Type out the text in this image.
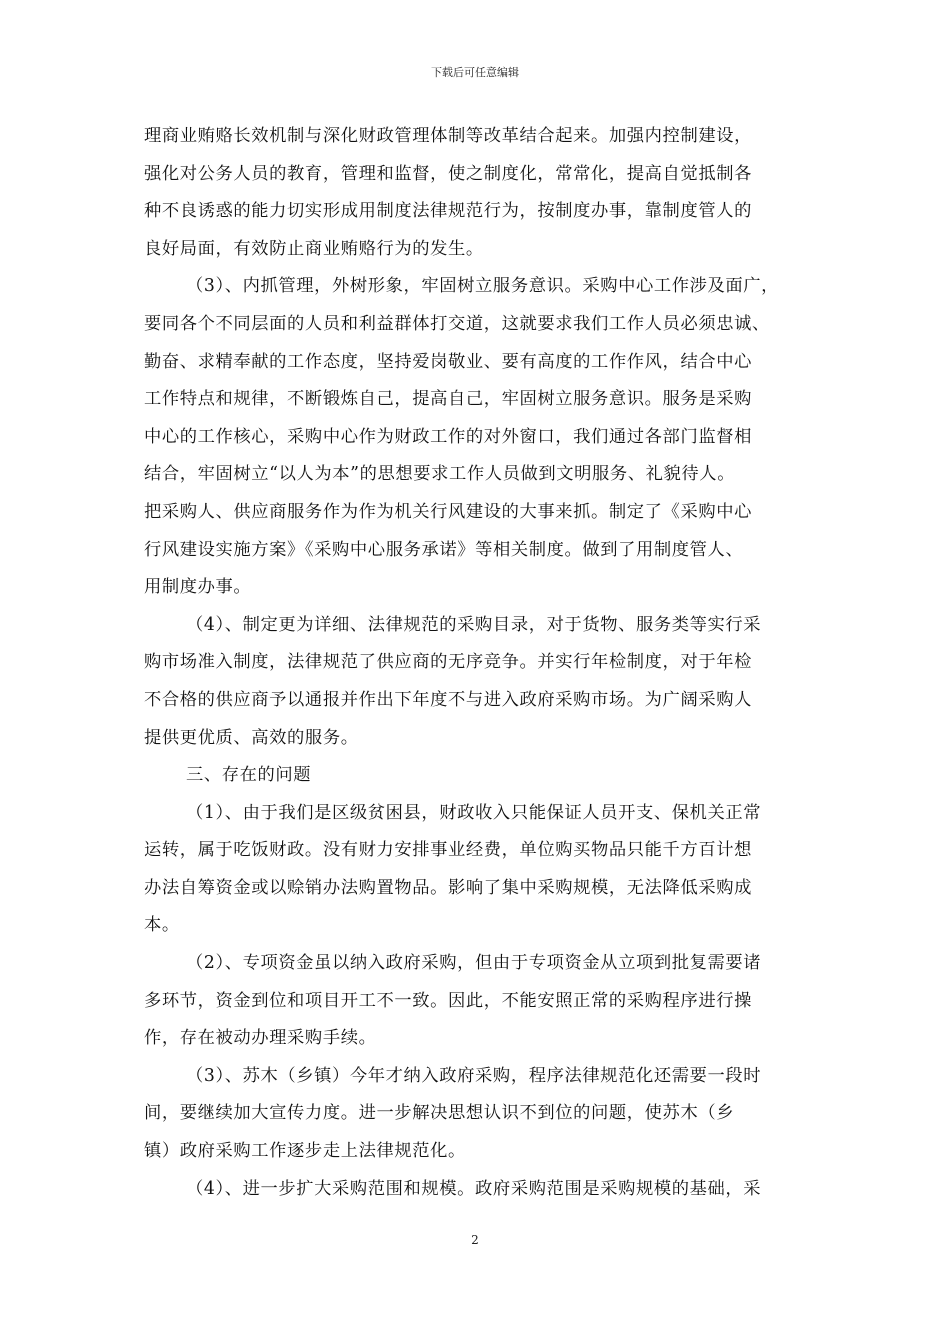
下载后可任意编辑
理商业贿赂长效机制与深化财政管理体制等改革结合起来。加强内控制建设，
强化对公务人员的教育，管理和监督，使之制度化，常常化，提高自觉抵制各
种不良诱惑的能力切实形成用制度法律规范行为，按制度办事，靠制度管人的
良好局面，有效防止商业贿赂行为的发生。
（3）、内抓管理，外树形象，牢固树立服务意识。采购中心工作涉及面广，
要同各个不同层面的人员和利益群体打交道，这就要求我们工作人员必须忠诚、
勤奋、求精奉献的工作态度，坚持爱岗敬业、要有高度的工作作风，结合中心
工作特点和规律，不断锻炼自己，提高自己，牢固树立服务意识。服务是采购
中心的工作核心，采购中心作为财政工作的对外窗口，我们通过各部门监督相
结合，牢固树立“以人为本”的思想要求工作人员做到文明服务、礼貌待人。
把采购人、供应商服务作为作为机关行风建设的大事来抓。制定了《采购中心
行风建设实施方案》《采购中心服务承诺》等相关制度。做到了用制度管人、
用制度办事。
（4）、制定更为详细、法律规范的采购目录，对于货物、服务类等实行采
购市场准入制度，法律规范了供应商的无序竞争。并实行年检制度，对于年检
不合格的供应商予以通报并作出下年度不与进入政府采购市场。为广阔采购人
提供更优质、高效的服务。
三、存在的问题
（1）、由于我们是区级贫困县，财政收入只能保证人员开支、保机关正常
运转，属于吃饭财政。没有财力安排事业经费，单位购买物品只能千方百计想
办法自筹资金或以赊销办法购置物品。影响了集中采购规模，无法降低采购成
本。
（2）、专项资金虽以纳入政府采购，但由于专项资金从立项到批复需要诸
多环节，资金到位和项目开工不一致。因此，不能安照正常的采购程序进行操
作，存在被动办理采购手续。
（3）、苏木（乡镇）今年才纳入政府采购，程序法律规范化还需要一段时
间，要继续加大宣传力度。进一步解决思想认识不到位的问题，使苏木（乡
镇）政府采购工作逐步走上法律规范化。
（4）、进一步扩大采购范围和规模。政府采购范围是采购规模的基础，采
2
